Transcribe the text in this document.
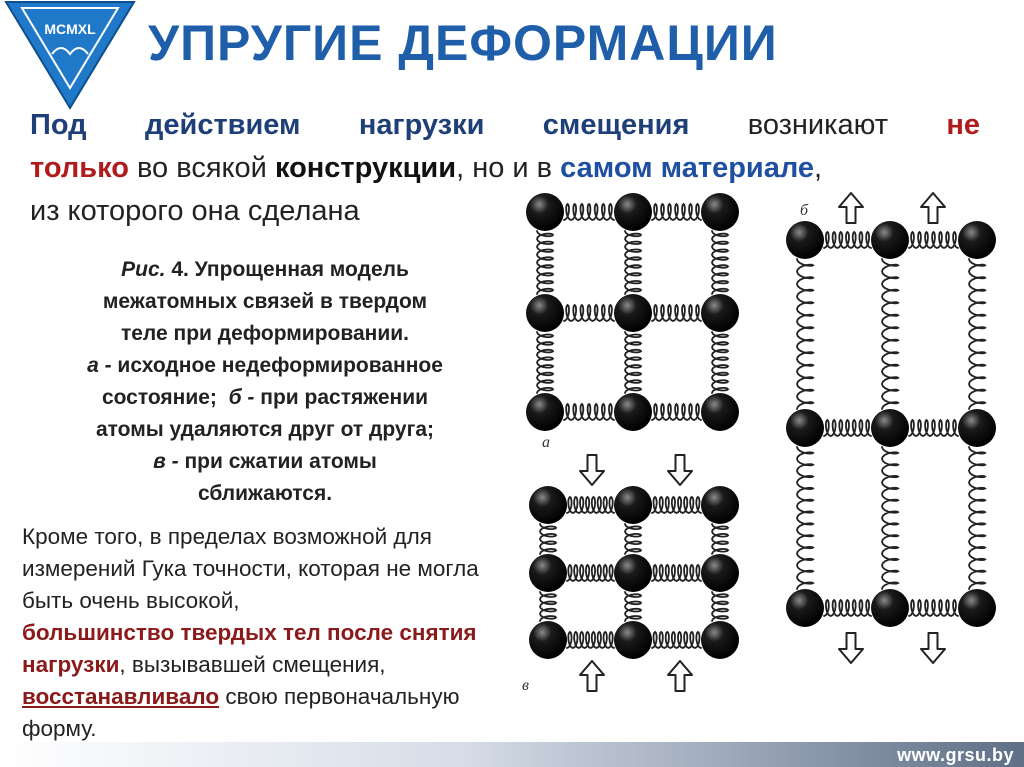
MCMXL УПРУГИЕ ДЕФОРМАЦИИ
Под действием нагрузки смещения возникают не
только во всякой конструкции , но и в самом материале ,
из которого она сделана
Рис. 4. Упрощенная модель
межатомных связей в твердом
теле при деформировании.
а - исходное недеформированное
состояние;  б - при растяжении
атомы удаляются друг от друга;
в - при сжатии атомы
сближаются.
Кроме того, в пределах возможной для измерений Гука точности, которая не могла быть очень высокой,
большинство твердых тел после снятия нагрузки, вызывавшей смещения, восстанавливало свою первоначальную форму.
а
б
в
www.grsu.by
